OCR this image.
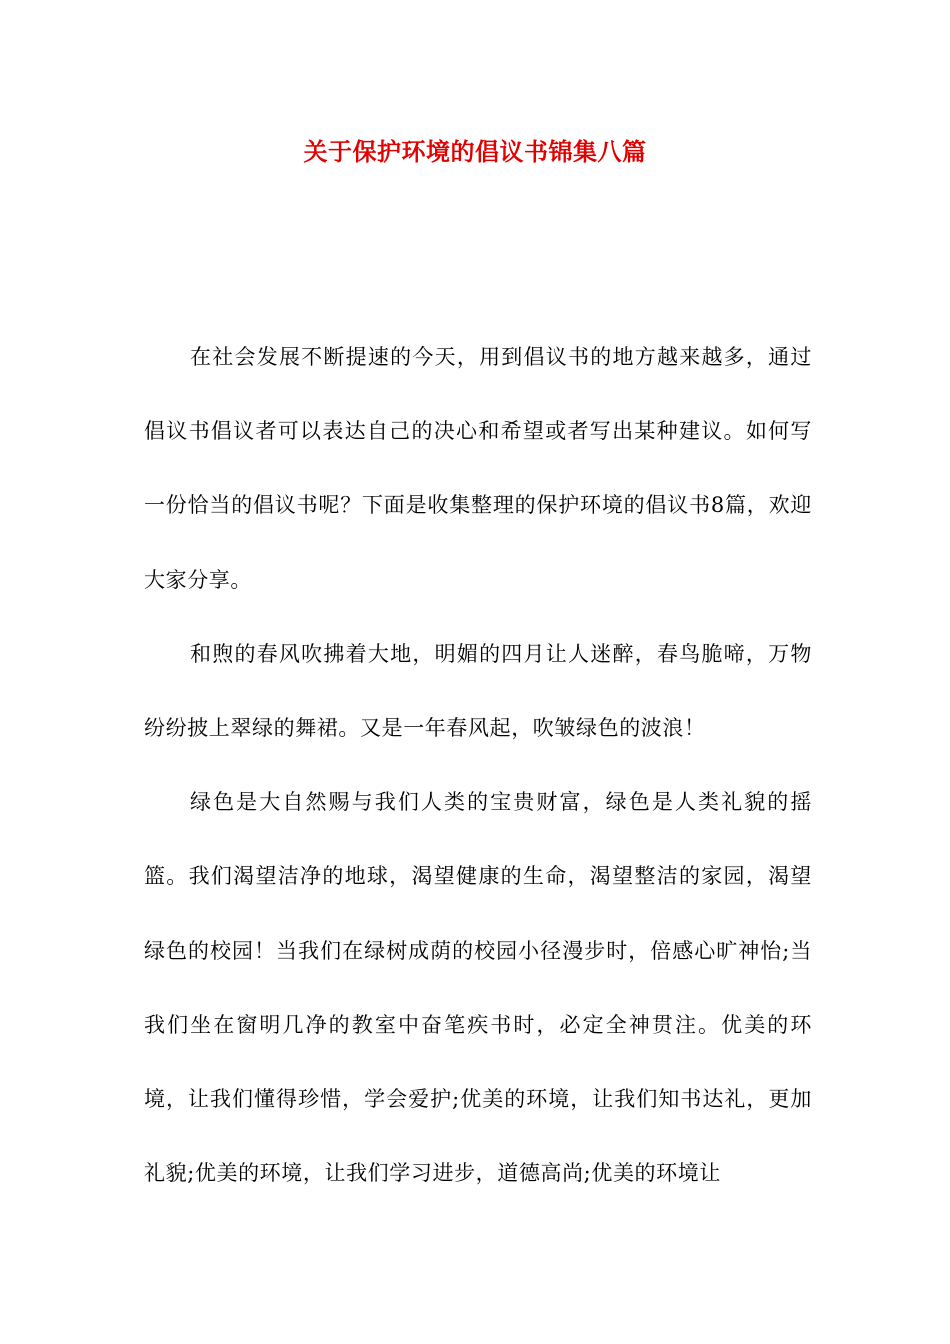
关于保护环境的倡议书锦集八篇

在社会发展不断提速的今天，用到倡议书的地方越来越多，通过倡议书倡议者可以表达自己的决心和希望或者写出某种建议。如何写一份恰当的倡议书呢？下面是收集整理的保护环境的倡议书8篇，欢迎大家分享。

和煦的春风吹拂着大地，明媚的四月让人迷醉，春鸟脆啼，万物纷纷披上翠绿的舞裙。又是一年春风起，吹皱绿色的波浪！

绿色是大自然赐与我们人类的宝贵财富，绿色是人类礼貌的摇篮。我们渴望洁净的地球，渴望健康的生命，渴望整洁的家园，渴望绿色的校园！当我们在绿树成荫的校园小径漫步时，倍感心旷神怡;当我们坐在窗明几净的教室中奋笔疾书时，必定全神贯注。优美的环境，让我们懂得珍惜，学会爱护;优美的环境，让我们知书达礼，更加礼貌;优美的环境，让我们学习进步，道德高尚;优美的环境让
